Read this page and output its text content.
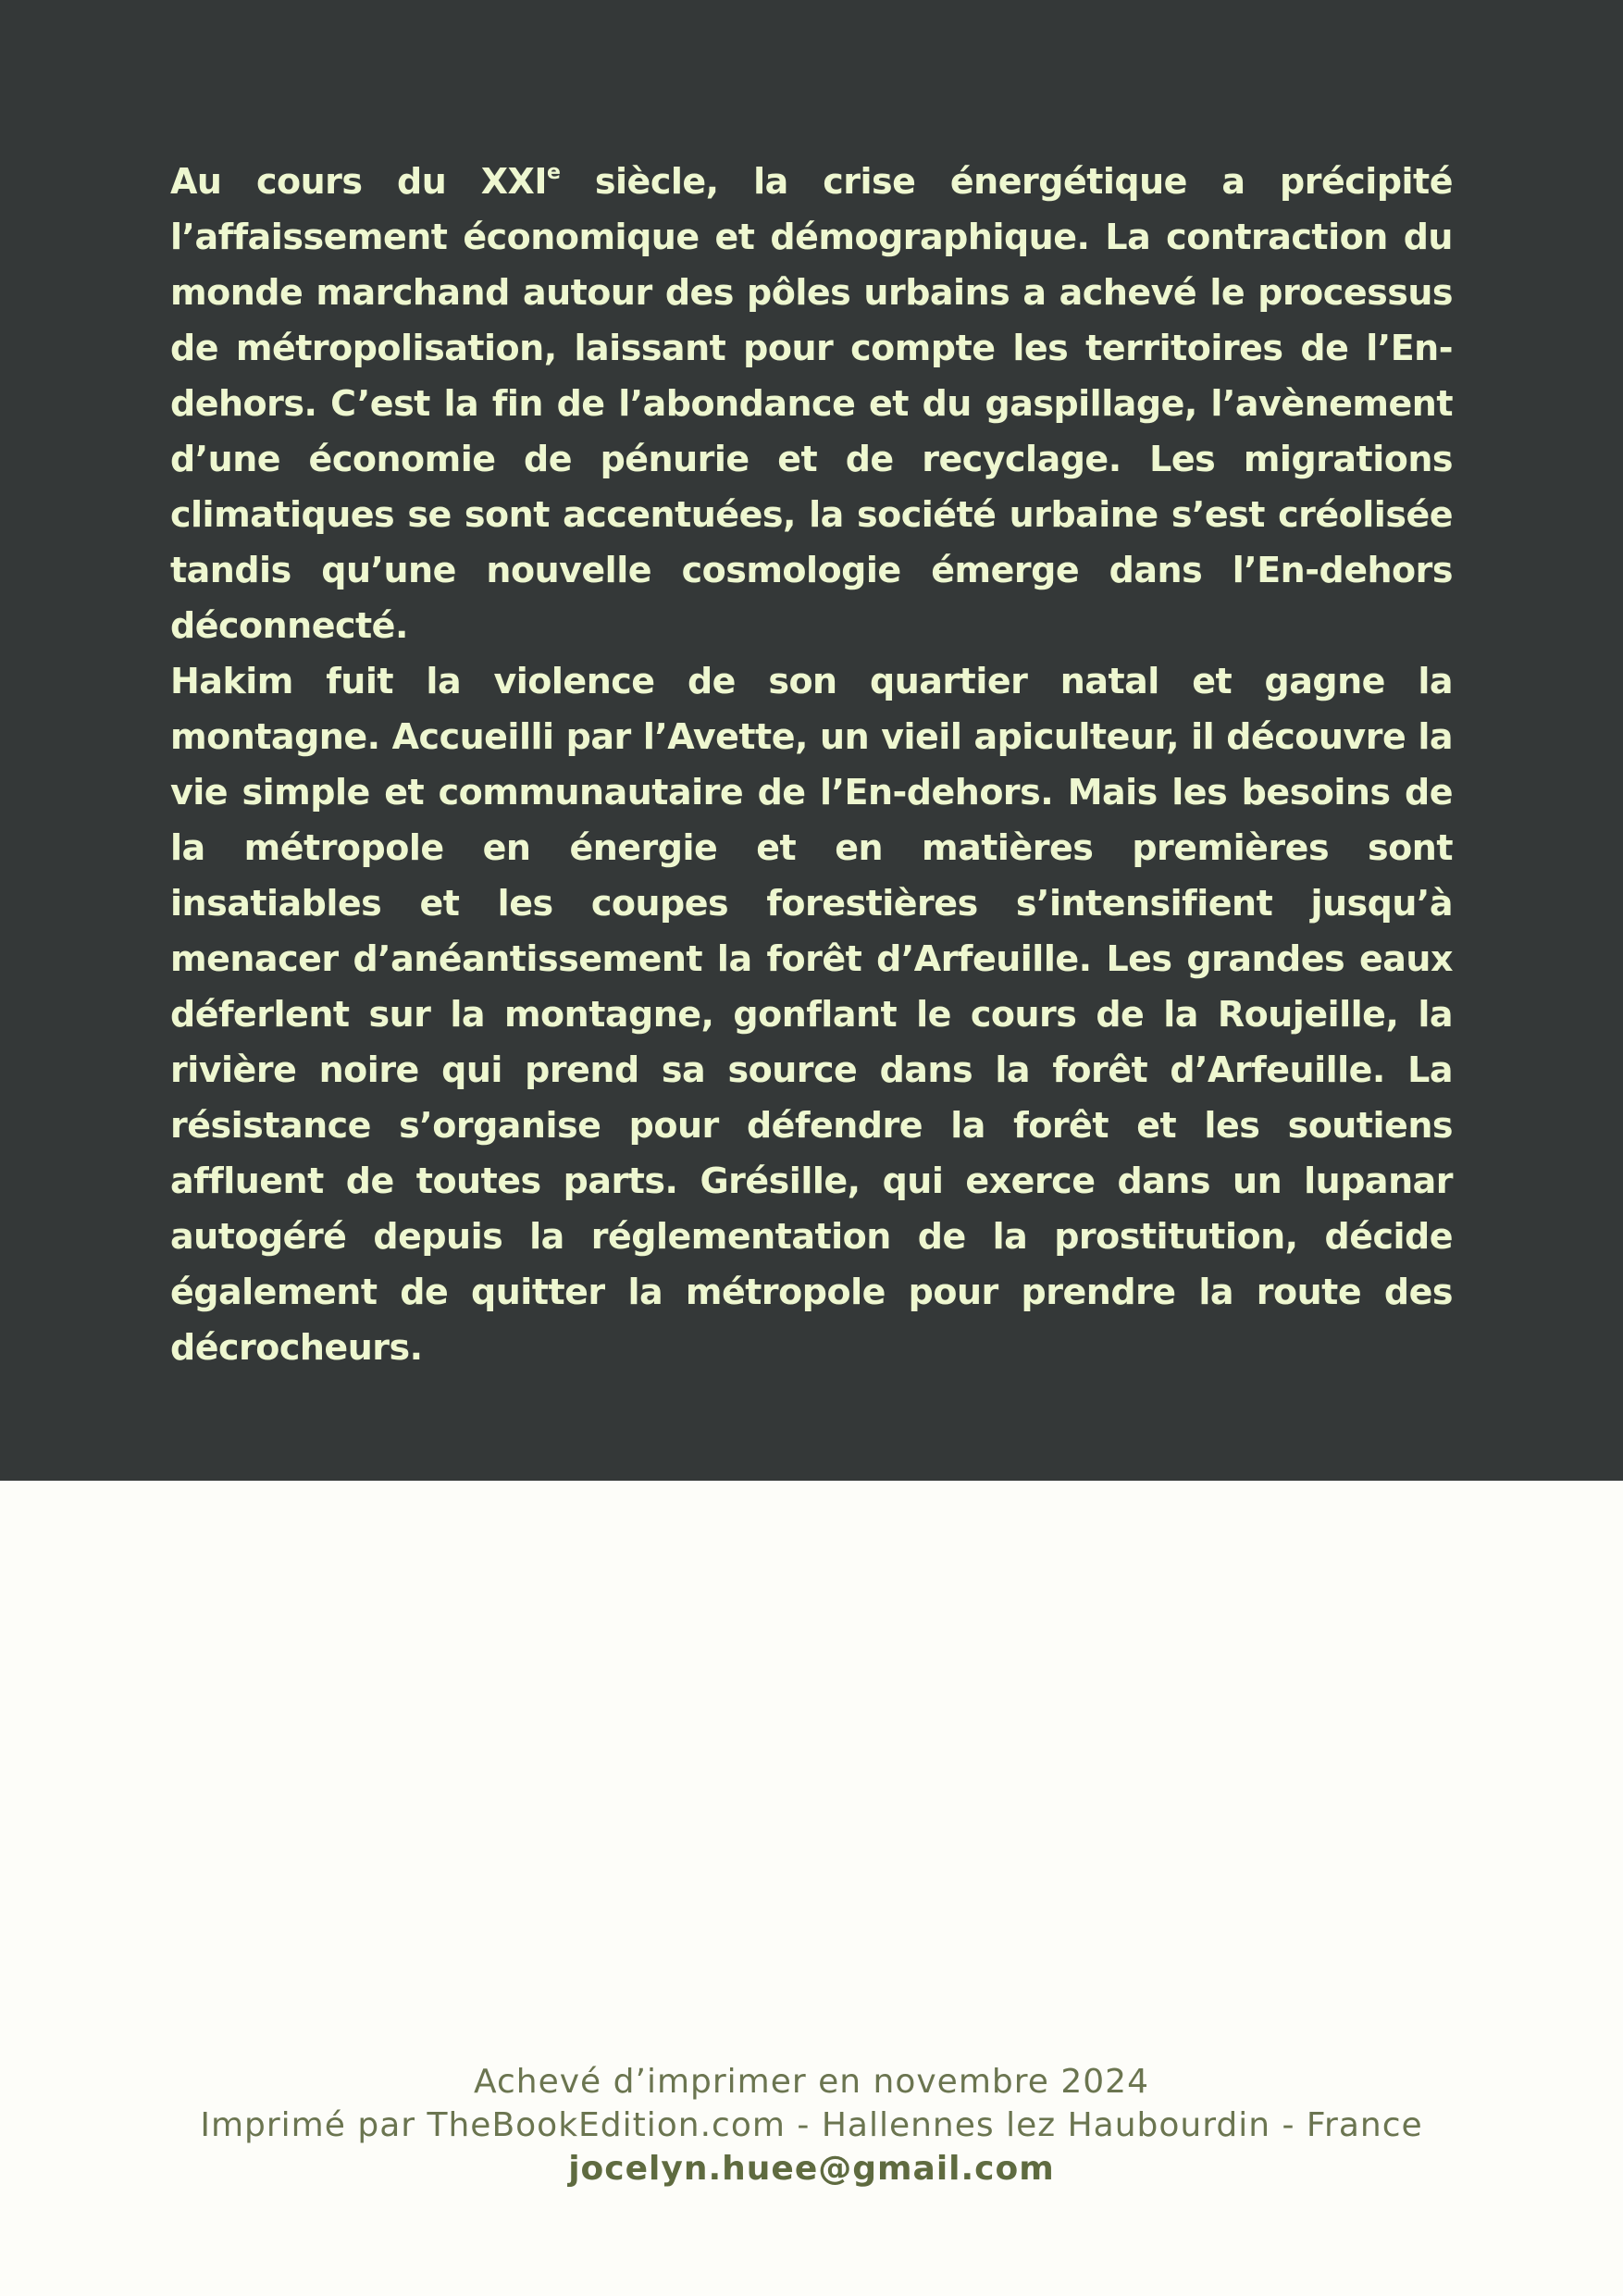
Au cours du XXIe siècle, la crise énergétique a précipité l’affaissement économique et démographique. La contraction du monde marchand autour des pôles urbains a achevé le processus de métropolisation, laissant pour compte les territoires de l’En-dehors. C’est la fin de l’abondance et du gaspillage, l’avènement d’une économie de pénurie et de recyclage. Les migrations climatiques se sont accentuées, la société urbaine s’est créolisée tandis qu’une nouvelle cosmologie émerge dans l’En-dehors déconnecté.

Hakim fuit la violence de son quartier natal et gagne la montagne. Accueilli par l’Avette, un vieil apiculteur, il découvre la vie simple et communautaire de l’En-dehors. Mais les besoins de la métropole en énergie et en matières premières sont insatiables et les coupes forestières s’intensifient jusqu’à menacer d’anéantissement la forêt d’Arfeuille. Les grandes eaux déferlent sur la montagne, gonflant le cours de la Roujeille, la rivière noire qui prend sa source dans la forêt d’Arfeuille. La résistance s’organise pour défendre la forêt et les soutiens affluent de toutes parts. Grésille, qui exerce dans un lupanar autogéré depuis la réglementation de la prostitution, décide également de quitter la métropole pour prendre la route des décrocheurs.

Achevé d’imprimer en novembre 2024
Imprimé par TheBookEdition.com - Hallennes lez Haubourdin - France
jocelyn.huee@gmail.com
